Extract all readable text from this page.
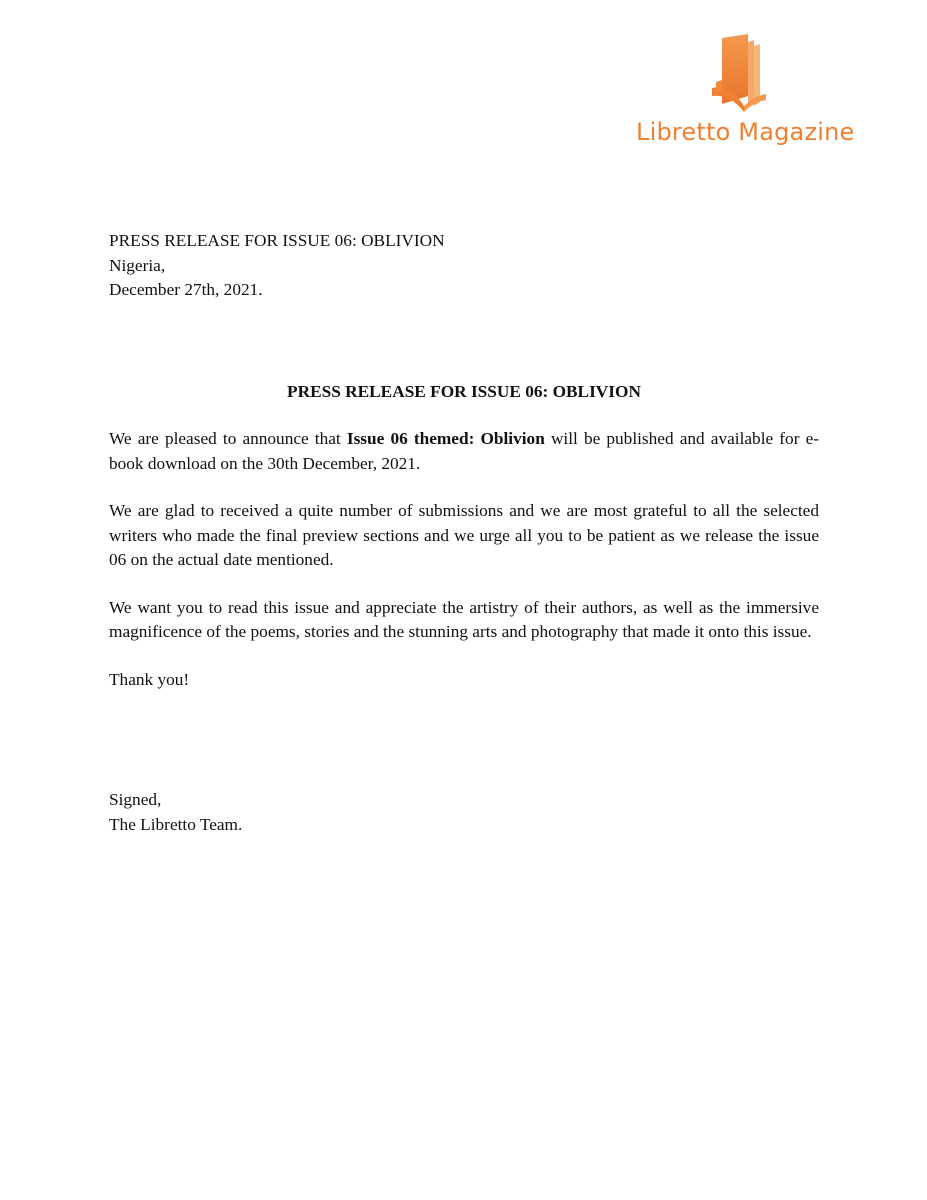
Libretto Magazine
PRESS RELEASE FOR ISSUE 06: OBLIVION
Nigeria,
December 27th, 2021.
PRESS RELEASE FOR ISSUE 06: OBLIVION
We are pleased to announce that Issue 06 themed: Oblivion will be published and available for e-book download on the 30th December, 2021.
We are glad to received a quite number of submissions and we are most grateful to all the selected writers who made the final preview sections and we urge all you to be patient as we release the issue 06 on the actual date mentioned.
We want you to read this issue and appreciate the artistry of their authors, as well as the immersive magnificence of the poems, stories and the stunning arts and photography that made it onto this issue.
Thank you!
Signed,
The Libretto Team.
